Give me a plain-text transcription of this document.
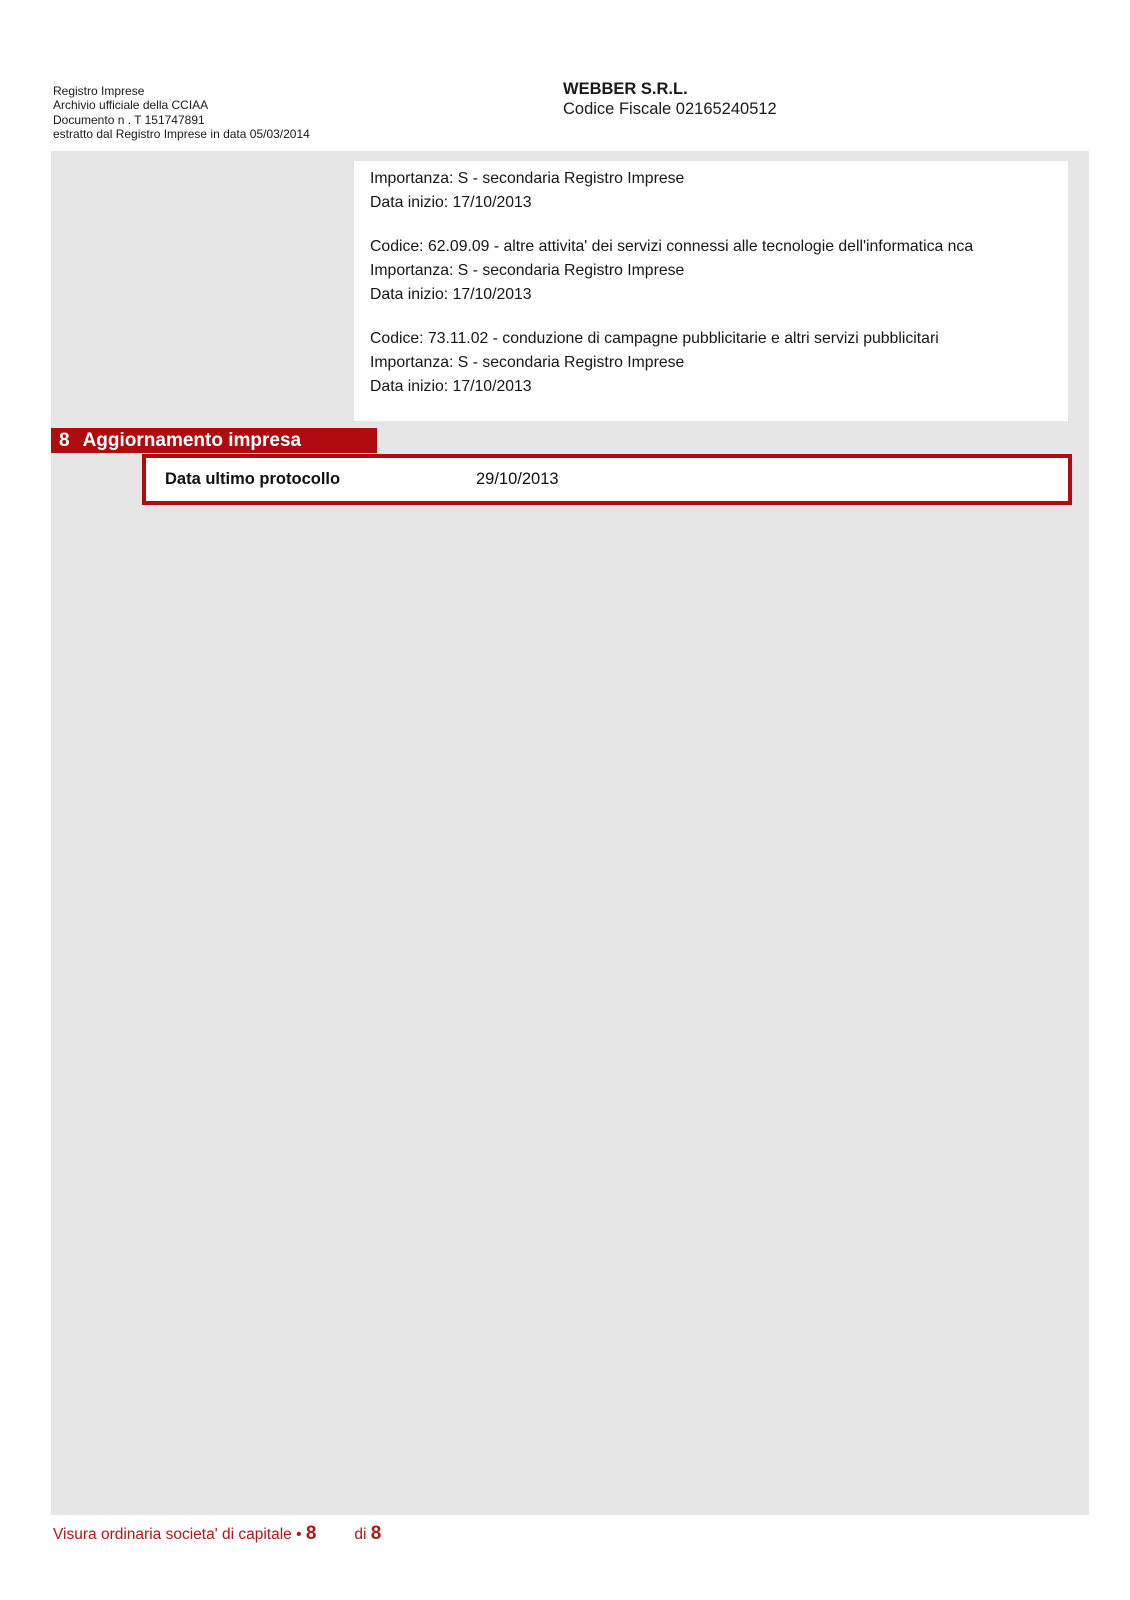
Registro Imprese
Archivio ufficiale della CCIAA
Documento n . T 151747891
estratto dal Registro Imprese in data 05/03/2014
WEBBER S.R.L.
Codice Fiscale 02165240512
Importanza: S - secondaria Registro Imprese
Data inizio: 17/10/2013
Codice: 62.09.09 - altre attivita' dei servizi connessi alle tecnologie dell'informatica nca
Importanza: S - secondaria Registro Imprese
Data inizio: 17/10/2013
Codice: 73.11.02 - conduzione di campagne pubblicitarie e altri servizi pubblicitari
Importanza: S - secondaria Registro Imprese
Data inizio: 17/10/2013
8 Aggiornamento impresa
Data ultimo protocollo	29/10/2013
Visura ordinaria societa' di capitale • 8 di 8
